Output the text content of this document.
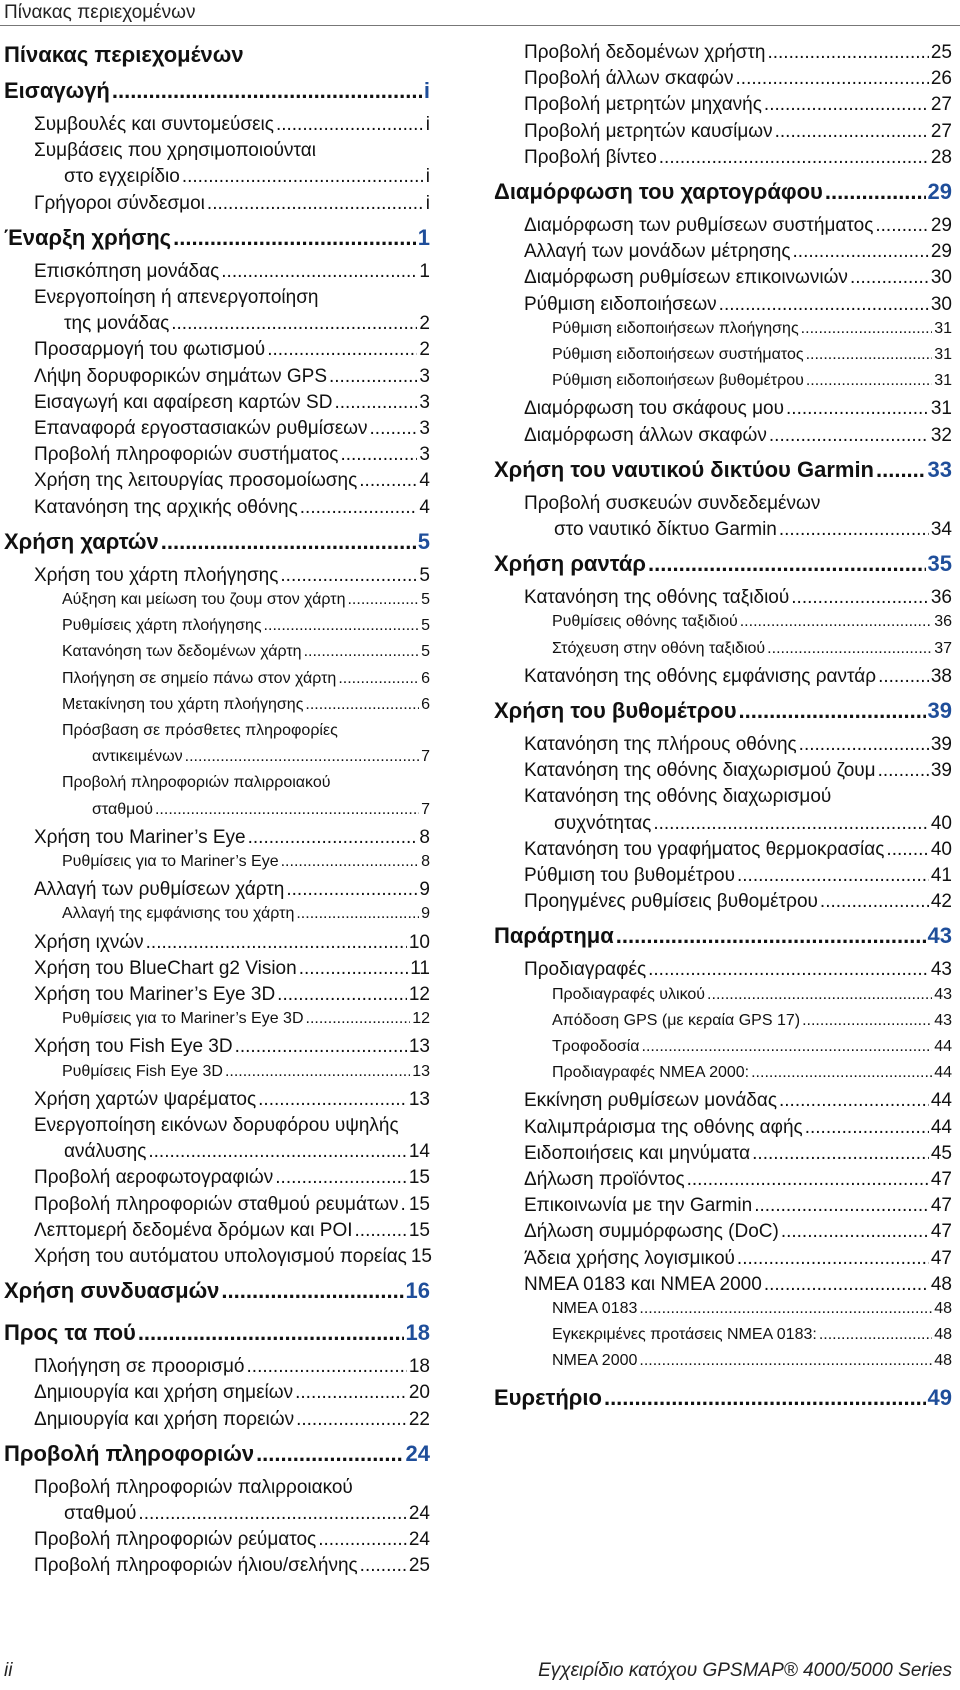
Πίνακας περιεχομένων
Πίνακας περιεχομένων
Εισαγωγή .....	i
Συμβουλές και συντομεύσεις .....	i
Συμβάσεις που χρησιμοποιούνται
στο εγχειρίδιο .....	i
Γρήγοροι σύνδεσμοι .....	i
Έναρξη χρήσης .....	1
Επισκόπηση μονάδας .....	1
Ενεργοποίηση ή απενεργοποίηση
της μονάδας .....	2
Προσαρμογή του φωτισμού .....	2
Λήψη δορυφορικών σημάτων GPS .....	3
Εισαγωγή και αφαίρεση καρτών SD .....	3
Επαναφορά εργοστασιακών ρυθμίσεων .....	3
Προβολή πληροφοριών συστήματος .....	3
Χρήση της λειτουργίας προσομοίωσης .....	4
Κατανόηση της αρχικής οθόνης .....	4
Χρήση χαρτών .....	5
Χρήση του χάρτη πλοήγησης .....	5
Αύξηση και μείωση του ζουμ στον χάρτη .....	5
Ρυθμίσεις χάρτη πλοήγησης .....	5
Κατανόηση των δεδομένων χάρτη .....	5
Πλοήγηση σε σημείο πάνω στον χάρτη .....	6
Μετακίνηση του χάρτη πλοήγησης .....	6
Πρόσβαση σε πρόσθετες πληροφορίες
αντικειμένων .....	7
Προβολή πληροφοριών παλιρροιακού
σταθμού .....	7
Χρήση του Mariner’s Eye .....	8
Ρυθμίσεις για το Mariner’s Eye .....	8
Αλλαγή των ρυθμίσεων χάρτη .....	9
Αλλαγή της εμφάνισης του χάρτη .....	9
Χρήση ιχνών .....	10
Χρήση του BlueChart g2 Vision .....	11
Χρήση του Mariner’s Eye 3D .....	12
Ρυθμίσεις για το Mariner’s Eye 3D .....	12
Χρήση του Fish Eye 3D .....	13
Ρυθμίσεις Fish Eye 3D .....	13
Χρήση χαρτών ψαρέματος .....	13
Ενεργοποίηση εικόνων δορυφόρου υψηλής
ανάλυσης .....	14
Προβολή αεροφωτογραφιών .....	15
Προβολή πληροφοριών σταθμού ρευμάτων ..... 15
Λεπτομερή δεδομένα δρόμων και POI .....	15
Χρήση του αυτόματου υπολογισμού πορείας 15
Χρήση συνδυασμών .....	16
Προς τα πού .....	18
Πλοήγηση σε προορισμό .....	18
Δημιουργία και χρήση σημείων .....	20
Δημιουργία και χρήση πορειών .....	22
Προβολή πληροφοριών .....	24
Προβολή πληροφοριών παλιρροιακού
σταθμού .....	24
Προβολή πληροφοριών ρεύματος .....	24
Προβολή πληροφοριών ήλιου/σελήνης .....	25
Προβολή δεδομένων χρήστη .....	25
Προβολή άλλων σκαφών .....	26
Προβολή μετρητών μηχανής .....	27
Προβολή μετρητών καυσίμων .....	27
Προβολή βίντεο .....	28
Διαμόρφωση του χαρτογράφου .....	29
Διαμόρφωση των ρυθμίσεων συστήματος .....	29
Αλλαγή των μονάδων μέτρησης .....	29
Διαμόρφωση ρυθμίσεων επικοινωνιών .....	30
Ρύθμιση ειδοποιήσεων .....	30
Ρύθμιση ειδοποιήσεων πλοήγησης .....	31
Ρύθμιση ειδοποιήσεων συστήματος .....	31
Ρύθμιση ειδοποιήσεων βυθομέτρου .....	31
Διαμόρφωση του σκάφους μου .....	31
Διαμόρφωση άλλων σκαφών .....	32
Χρήση του ναυτικού δικτύου Garmin ..... 33
Προβολή συσκευών συνδεδεμένων
στο ναυτικό δίκτυο Garmin .....	34
Χρήση ραντάρ .....	35
Κατανόηση της οθόνης ταξιδιού .....	36
Ρυθμίσεις οθόνης ταξιδιού .....	36
Στόχευση στην οθόνη ταξιδιού .....	37
Κατανόηση της οθόνης εμφάνισης ραντάρ .....	38
Χρήση του βυθομέτρου .....	39
Κατανόηση της πλήρους οθόνης .....	39
Κατανόηση της οθόνης διαχωρισμού ζουμ .....	39
Κατανόηση της οθόνης διαχωρισμού
συχνότητας .....	40
Κατανόηση του γραφήματος θερμοκρασίας ..... 40
Ρύθμιση του βυθομέτρου .....	41
Προηγμένες ρυθμίσεις βυθομέτρου .....	42
Παράρτημα .....	43
Προδιαγραφές .....	43
Προδιαγραφές υλικού .....	43
Απόδοση GPS (με κεραία GPS 17) .....	43
Τροφοδοσία .....	44
Προδιαγραφές NMEA 2000: .....	44
Εκκίνηση ρυθμίσεων μονάδας .....	44
Καλιμπράρισμα της οθόνης αφής .....	44
Ειδοποιήσεις και μηνύματα .....	45
Δήλωση προϊόντος .....	47
Επικοινωνία με την Garmin .....	47
Δήλωση συμμόρφωσης (DoC) .....	47
Άδεια χρήσης λογισμικού .....	47
NMEA 0183 και NMEA 2000 .....	48
NMEA 0183 .....	48
Εγκεκριμένες προτάσεις NMEA 0183: .....	48
NMEA 2000 .....	48
Ευρετήριο .....	49
ii	Εγχειρίδιο κατόχου GPSMAP® 4000/5000 Series
